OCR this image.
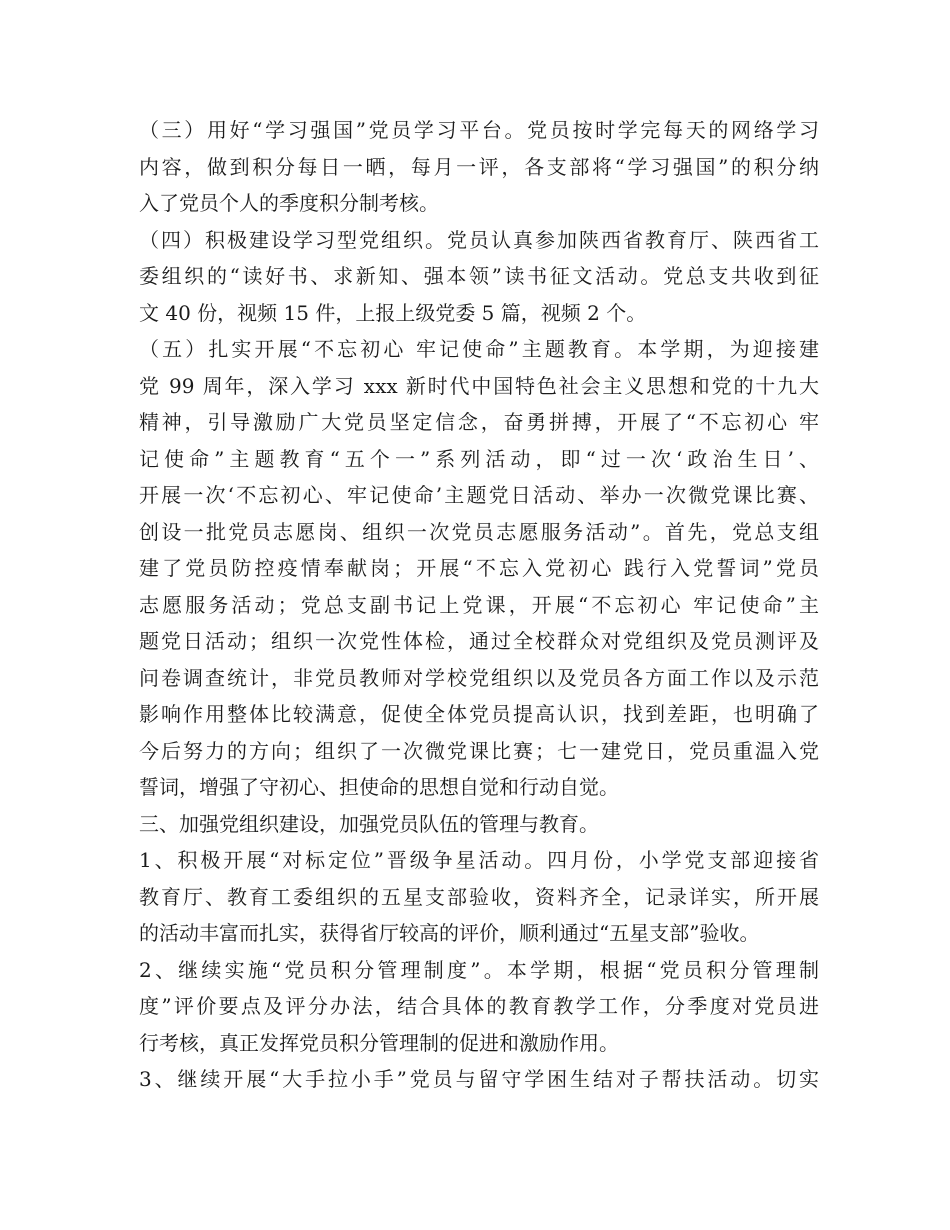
（三）用好“学习强国”党员学习平台。党员按时学完每天的网络学习
内容，做到积分每日一晒，每月一评，各支部将“学习强国”的积分纳
入了党员个人的季度积分制考核。
（四）积极建设学习型党组织。党员认真参加陕西省教育厅、陕西省工
委组织的“读好书、求新知、强本领”读书征文活动。党总支共收到征
文 40 份，视频 15 件，上报上级党委 5 篇，视频 2 个。
（五）扎实开展“不忘初心 牢记使命”主题教育。本学期，为迎接建
党 99 周年，深入学习 xxx 新时代中国特色社会主义思想和党的十九大
精神，引导激励广大党员坚定信念，奋勇拼搏，开展了“不忘初心 牢
记使命”主题教育“五个一”系列活动，即“过一次‘政治生日’、
开展一次‘不忘初心、牢记使命’主题党日活动、举办一次微党课比赛、
创设一批党员志愿岗、组织一次党员志愿服务活动”。首先，党总支组
建了党员防控疫情奉献岗；开展“不忘入党初心 践行入党誓词”党员
志愿服务活动；党总支副书记上党课，开展“不忘初心 牢记使命”主
题党日活动；组织一次党性体检，通过全校群众对党组织及党员测评及
问卷调查统计，非党员教师对学校党组织以及党员各方面工作以及示范
影响作用整体比较满意，促使全体党员提高认识，找到差距，也明确了
今后努力的方向；组织了一次微党课比赛；七一建党日，党员重温入党
誓词，增强了守初心、担使命的思想自觉和行动自觉。
三、加强党组织建设，加强党员队伍的管理与教育。
1、积极开展“对标定位”晋级争星活动。四月份，小学党支部迎接省
教育厅、教育工委组织的五星支部验收，资料齐全，记录详实，所开展
的活动丰富而扎实，获得省厅较高的评价，顺利通过“五星支部”验收。
2、继续实施“党员积分管理制度”。本学期，根据“党员积分管理制
度”评价要点及评分办法，结合具体的教育教学工作，分季度对党员进
行考核，真正发挥党员积分管理制的促进和激励作用。
3、继续开展“大手拉小手”党员与留守学困生结对子帮扶活动。切实
